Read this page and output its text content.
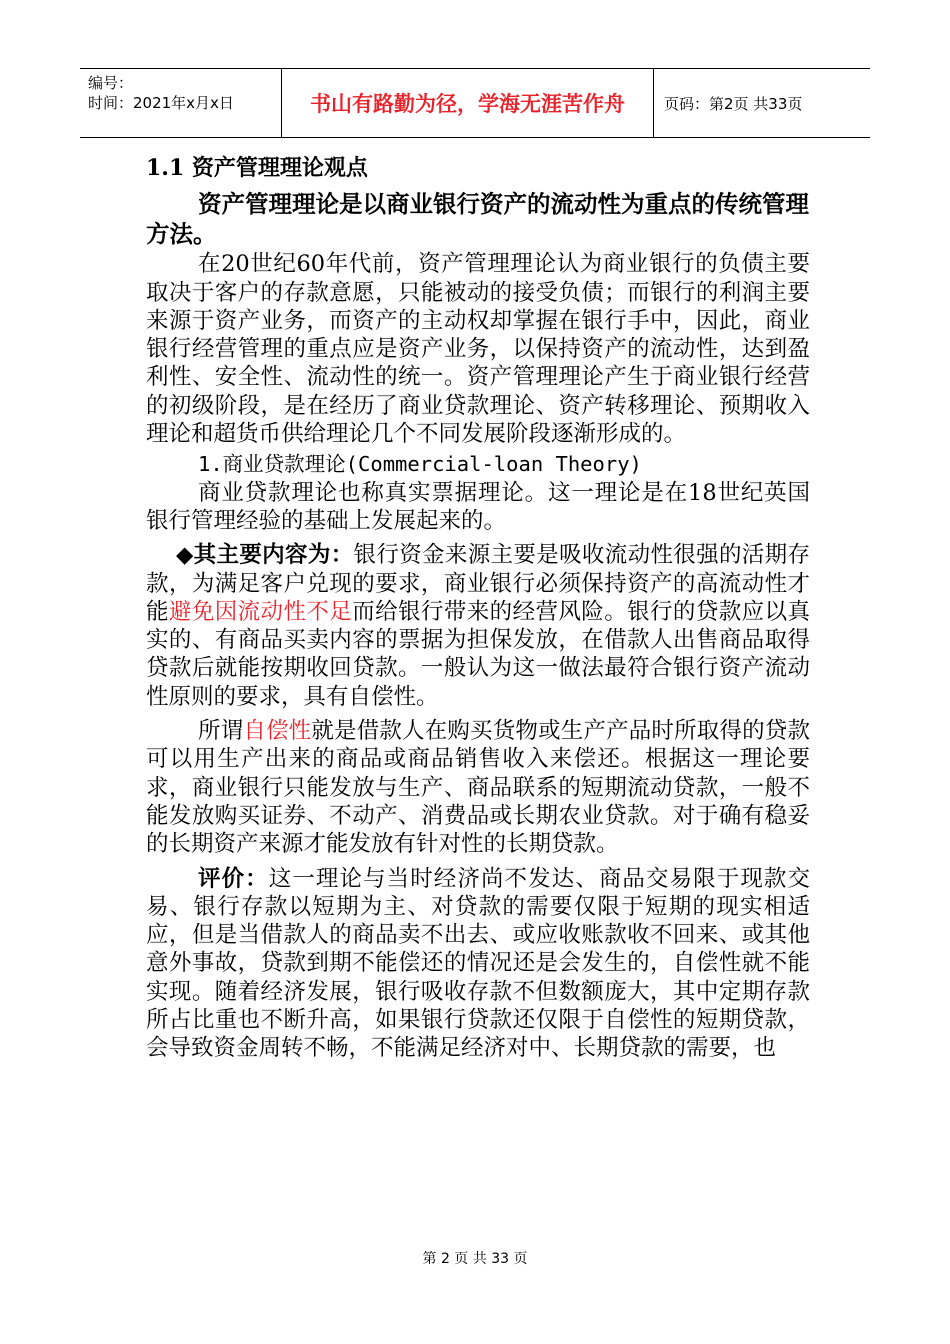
编号：
时间：2021年x月x日	书山有路勤为径，学海无涯苦作舟	页码：第2页 共33页
1.1 资产管理理论观点

资产管理理论是以商业银行资产的流动性为重点的传统管理方法。

在20世纪60年代前，资产管理理论认为商业银行的负债主要取决于客户的存款意愿，只能被动的接受负债；而银行的利润主要来源于资产业务，而资产的主动权却掌握在银行手中，因此，商业银行经营管理的重点应是资产业务，以保持资产的流动性，达到盈利性、安全性、流动性的统一。资产管理理论产生于商业银行经营的初级阶段，是在经历了商业贷款理论、资产转移理论、预期收入理论和超货币供给理论几个不同发展阶段逐渐形成的。

1.商业贷款理论(Commercial-loan Theory)

商业贷款理论也称真实票据理论。这一理论是在18世纪英国银行管理经验的基础上发展起来的。

◆其主要内容为：银行资金来源主要是吸收流动性很强的活期存款，为满足客户兑现的要求，商业银行必须保持资产的高流动性才能避免因流动性不足而给银行带来的经营风险。银行的贷款应以真实的、有商品买卖内容的票据为担保发放，在借款人出售商品取得贷款后就能按期收回贷款。一般认为这一做法最符合银行资产流动性原则的要求，具有自偿性。

所谓自偿性就是借款人在购买货物或生产产品时所取得的贷款可以用生产出来的商品或商品销售收入来偿还。根据这一理论要求，商业银行只能发放与生产、商品联系的短期流动贷款，一般不能发放购买证券、不动产、消费品或长期农业贷款。对于确有稳妥的长期资产来源才能发放有针对性的长期贷款。

评价：这一理论与当时经济尚不发达、商品交易限于现款交易、银行存款以短期为主、对贷款的需要仅限于短期的现实相适应，但是当借款人的商品卖不出去、或应收账款收不回来、或其他意外事故，贷款到期不能偿还的情况还是会发生的，自偿性就不能实现。随着经济发展，银行吸收存款不但数额庞大，其中定期存款所占比重也不断升高，如果银行贷款还仅限于自偿性的短期贷款，会导致资金周转不畅，不能满足经济对中、长期贷款的需要，也

第 2 页 共 33 页
